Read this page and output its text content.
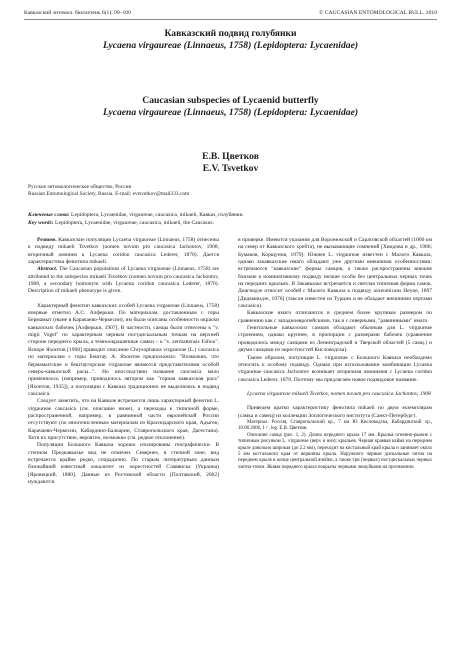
Кавказский энтомол. бюллетень 6(1): 99–100	© CAUCASIAN ENTOMOLOGICAL BULL. 2010
Кавказский подвид голубянки
Lycaena virgaureae (Linnaeus, 1758) (Lepidoptera: Lycaenidae)
Caucasian subspecies of Lycaenid butterfly
Lycaena virgaureae (Linnaeus, 1758) (Lepidoptera: Lycaenidae)
Е.В. Цветков
E.V. Tsvetkov
Русское энтомологическое общество, Россия
Russian Entomological Society, Russia. E-mail: evtsvetkov@mail333.com
Ключевые слова: Lepidoptera, Lycaenidae, virgaureae, caucasica, mikaeli, Кавказ, голубянки.
Key words: Lepidoptera, Lycaenidae, virgaureae, caucasica, mikaeli, the Caucasus.

Резюме. Кавказские популяции Lycaena virgaureae (Linnaeus, 1758) отнесены к подвиду mikaeli Tsvetkov (nomen novum pro caucasica Jachontov, 1908, вторичный омоним к Lycaena coridon caucasica Lederer, 1870). Дается характеристика фенотипа mikaeli.

Abstract. The Caucasian populations of Lycaena virgaureae (Linnaeus, 1758) are attributed to the subspecies mikaeli Tsvetkov (nomen novum pro caucasica Jachontov, 1908, a secondary homonym with Lycaena coridon caucasica Lederer, 1870). Description of mikaeli phenotype is given.

Характерный фенотип кавказских особей Lycaena virgaureae (Linnaeus, 1758) впервые отметил А.С. Алферьки. По материалам, доставленным с горы Бермамыт (ныне в Карачаево-Черкесии), им были описаны особенности окраски кавказских бабочек [Алферьки, 1907]. В частности, самцы были отнесены к "v. migii Vogel" по характерным черным постдискальным точкам на верхней стороне переднего крыла, а темноокрашенные самки – к "v. zermattensis Fallou". Вскоре Яхонтов [1908] приводит описание Chrysophanus virgaureae (L.) caucasica по материалам с горы Бештау. А. Яхонтов предположил: "Возможно, что бермамытские и бештаугорские virgaureae являются представителями особой северо-кавказской расы...". Но впоследствии название caucasica мало применялось (например, приводилось автором как "горная кавказская раса" [Яхонтов, 1935]), а популяции с Кавказа традиционно не выделялись в подвид caucasica.

Следует заметить, что на Кавказе встречается лишь характерный фенотип L. virgaureae caucasica (см. описание ниже), а переходы к типичной форме, распространенной, например, в равнинной части европейской России отсутствуют (по многочисленным материалам из Краснодарского края, Адыгеи, Карачаево-Черкесии, Кабардино-Балкарии, Ставропольского края, Дагестана). Хотя их присутствие, вероятно, возможно (см. редкое отклонение).

Популяции Большого Кавказа хорошо изолированы географически. В степном Предкавказье вид не отмечен. Севернее, в степной зоне, вид встречается крайне редко, спорадично. По старым литературным данным ближайший известный локалитет из окрестностей Славянска (Украина) [Яровецкий, 1880]. Данные из Ростовской области [Полтавский, 2002] нуждаются

в проверке. Имеются указания для Воронежской и Саратовской областей (1000 км на север от Кавказского хребта), не вызывающие сомнений [Хвидова и др., 1986; Бумаков, Корщунов, 1979]. Южнее L. virgaureae известен с Малого Кавказа, однако закавказские имаго обладают уже другими внешними особенностями: встречаются "кавказские" формы самцов, а также распространены внешне близкие к номинативному подвиду низкие особи без центральных черных точек на передних крыльях. В Закавказье встречается и светлая типичная форма самок. Диагнодзе относит особей с Малого Кавказа к подвиду aureomicans Heyne, 1897 [Дидманидзе, 1976] (таксон известен из Турции и не обладает внешними чертами caucasica).

Кавказские имаго отличаются в среднем более крупным размером по сравнению как с западноевропейскими, так и с северными, "равнинными" имаго.

Генитальные кавказских самцов обладают обычным для L. virgaureae строением, однако крупнее, в пропорции с размерами бабочек (сравнение проводилось между самцами из Ленинградской и Тверской областей (5 самц.) и двумя самцами из окрестностей Кисловодска).

Таким образом, популяции L. virgaureae с Большого Кавказа необходимо относить к особому подвиду. Однако при использовании комбинации Lycaena virgaureae caucasica Jachontov возникает вторичная омонимия с Lycaena coridon caucasica Lederer, 1870. Поэтому мы предлагаем новое подвидовое название.

Lycaena virgaureae mikaeli Tsvetkov, nomen novum pro caucasica Jachontov, 1908

Приведем кратко характеристику фенотипа mikaeli по двум экземплярам (самка и самец) из коллекции Зоологического института (Санкт-Петербург).

Материал. Россия, Ставропольский кр., 7 км Ю Кисловодска, Кабардинский хр., 10.08.2006, 1♂, leg. Е.В. Цветков.

Описание самца (рис. 1, 2). Длина переднего крыла 17 мм. Крылья огненно-рыжие с типичным рисунком L. virgaureae (верх и низ); крыльев. Черная краевая кайма на переднем крыле довольно широкая (до 2.2 мм), переходит на костальный край крыла и занимает около 5 мм костального края от вершины крыла. Наружного черные дискальные пятна на переднем крыле в конце центральной ячейки, а также три (первых) постдискальных черных лютна-точки. Живая переднего крыла покрыты черными чешуйками на протяжении
